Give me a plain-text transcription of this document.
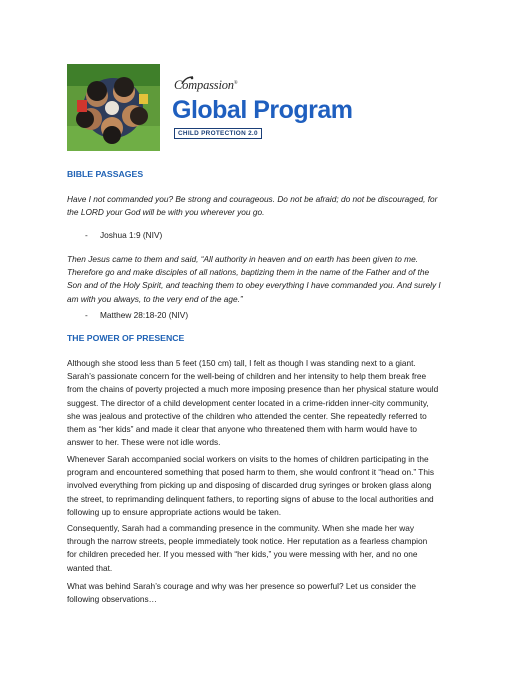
Compassion®
Global Program
CHILD PROTECTION 2.0
BIBLE PASSAGES

Have I not commanded you? Be strong and courageous. Do not be afraid; do not be discouraged, for

the LORD your God will be with you wherever you go.

- Joshua 1:9 (NIV)

Then Jesus came to them and said, “All authority in heaven and on earth has been given to me.

Therefore go and make disciples of all nations, baptizing them in the name of the Father and of the

Son and of the Holy Spirit, and teaching them to obey everything I have commanded you. And surely I

am with you always, to the very end of the age.”

- Matthew 28:18-20 (NIV)
THE POWER OF PRESENCE

Although she stood less than 5 feet (150 cm) tall, I felt as though I was standing next to a giant.

Sarah’s passionate concern for the well-being of children and her intensity to help them break free

from the chains of poverty projected a much more imposing presence than her physical stature would

suggest. The director of a child development center located in a crime-ridden inner-city community,

she was jealous and protective of the children who attended the center. She repeatedly referred to

them as “her kids” and made it clear that anyone who threatened them with harm would have to

answer to her. These were not idle words.

Whenever Sarah accompanied social workers on visits to the homes of children participating in the

program and encountered something that posed harm to them, she would confront it “head on.” This

involved everything from picking up and disposing of discarded drug syringes or broken glass along

the street, to reprimanding delinquent fathers, to reporting signs of abuse to the local authorities and

following up to ensure appropriate actions would be taken.

Consequently, Sarah had a commanding presence in the community. When she made her way

through the narrow streets, people immediately took notice. Her reputation as a fearless champion

for children preceded her. If you messed with “her kids,” you were messing with her, and no one

wanted that.

What was behind Sarah’s courage and why was her presence so powerful? Let us consider the

following observations…
